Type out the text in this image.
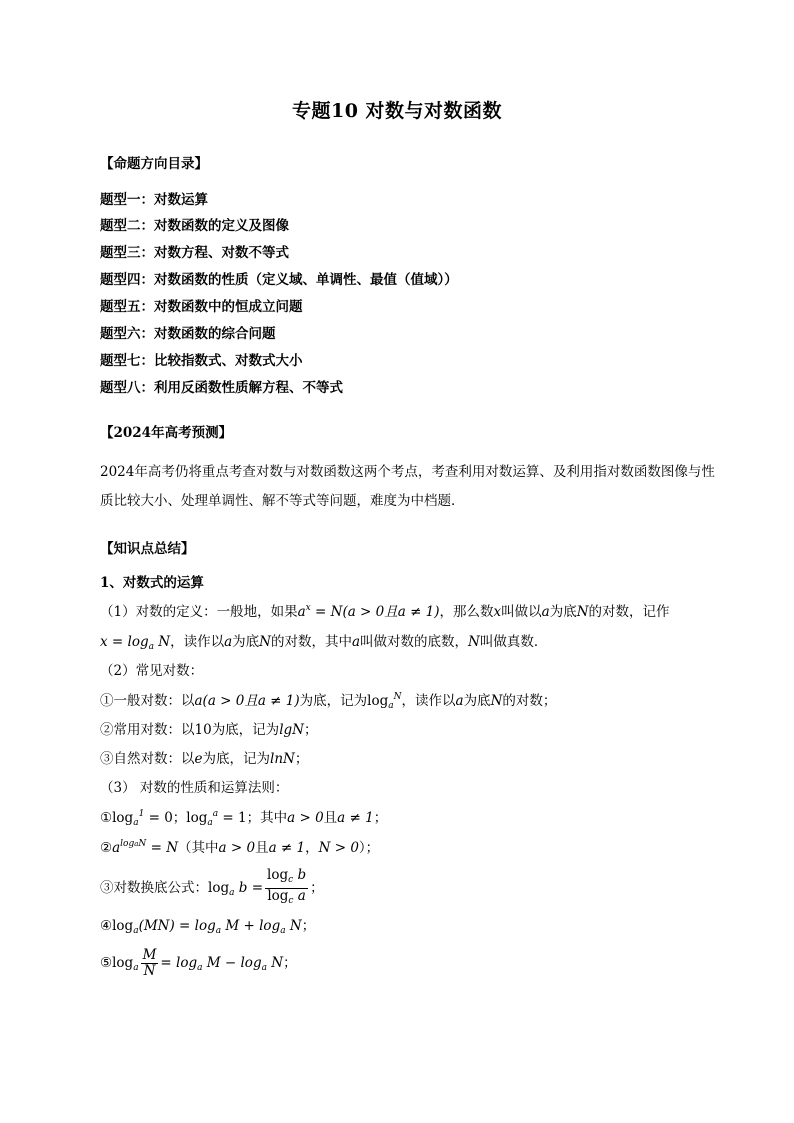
专题10 对数与对数函数
【命题方向目录】
题型一：对数运算
题型二：对数函数的定义及图像
题型三：对数方程、对数不等式
题型四：对数函数的性质（定义域、单调性、最值（值域））
题型五：对数函数中的恒成立问题
题型六：对数函数的综合问题
题型七：比较指数式、对数式大小
题型八：利用反函数性质解方程、不等式
【2024年高考预测】
2024年高考仍将重点考查对数与对数函数这两个考点，考查利用对数运算、及利用指对数函数图像与性质比较大小、处理单调性、解不等式等问题，难度为中档题．
【知识点总结】
1、对数式的运算
（1）对数的定义：一般地，如果$a^x = N(a > 0$且a ≠ 1)，那么数x叫做以a为底N的对数，记作
$x = \log_a N$，读作以a为底N的对数，其中a叫做对数的底数，N叫做真数．
（2）常见对数：
①一般对数：以a(a > 0且a ≠ 1)为底，记为$\log_a^N$，读作以a为底N的对数；
②常用对数：以10为底，记为lgN；
③自然对数：以e为底，记为lnN；
（3） 对数的性质和运算法则：
$①\log_a^1 = 0$；$\log_a^a = 1$；其中a > 0且a ≠ 1；
$②a^{logaN} = N$（其中a > 0且a ≠ 1，N > 0）；
③对数换底公式：$\log_a b = \frac{\log_c b}{\log_c a}$ ；
$④\log_a(MN) = \log_a M + \log_a N$；
$⑤\log_a \frac{M}{N} = \log_a M - \log_a N$；
